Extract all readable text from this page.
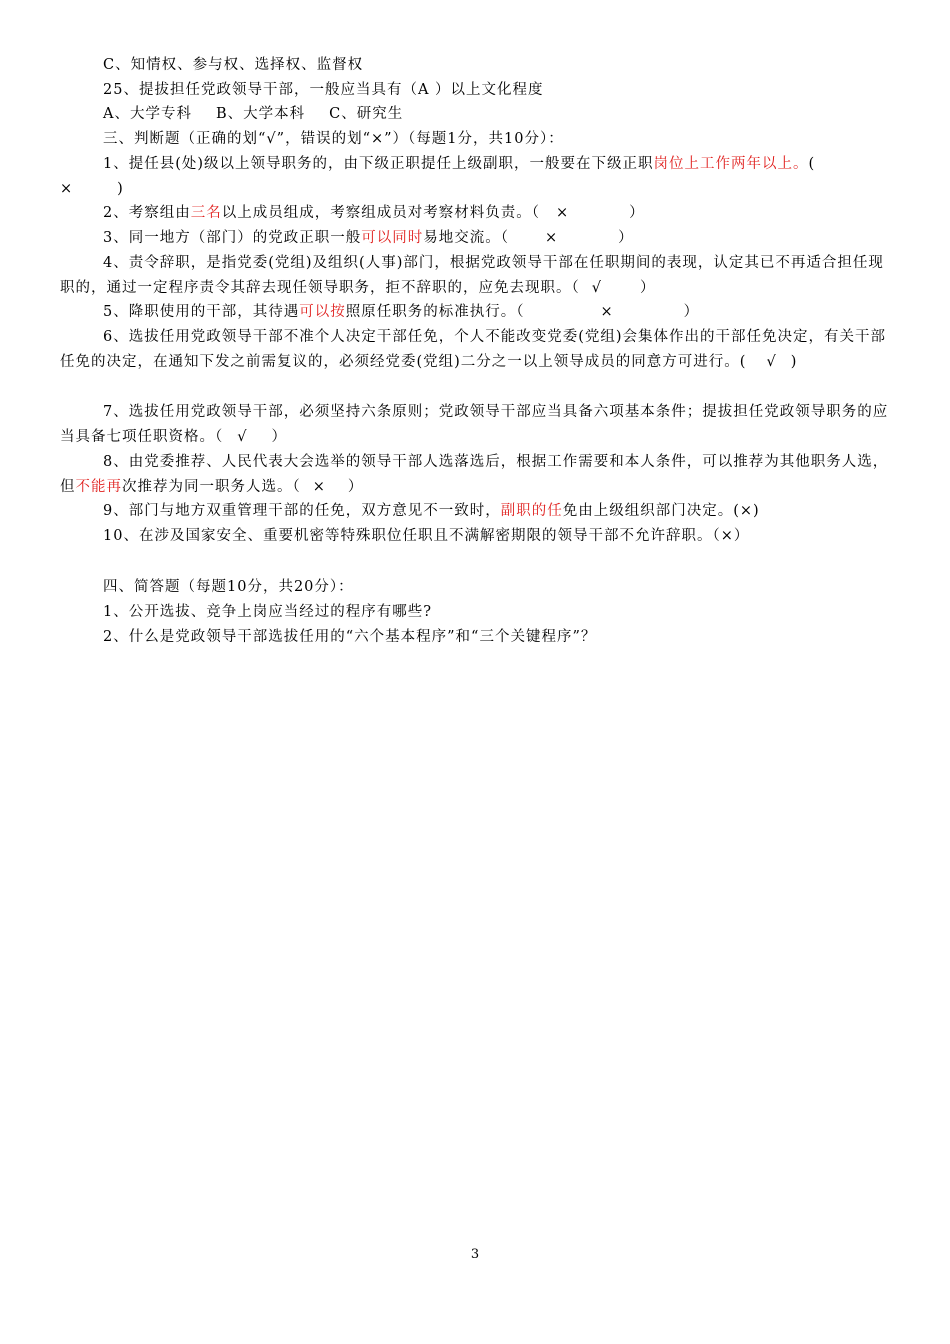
C、知情权、参与权、选择权、监督权

25、提拔担任党政领导干部，一般应当具有（A ）以上文化程度

A、大学专科 B、大学本科 C、研究生

三、判断题（正确的划“√”，错误的划“×”）（每题1分，共10分）：

1、提任县(处)级以上领导职务的，由下级正职提任上级副职，一般要在下级正职岗位上工作两年以上。(
×	)

2、考察组由三名以上成员组成，考察组成员对考察材料负责。（ ×	）

3、同一地方（部门）的党政正职一般可以同时易地交流。（ ×	）

4、责令辞职，是指党委(党组)及组织(人事)部门，根据党政领导干部在任职期间的表现，认定其已不再适合担任现职的，通过一定程序责令其辞去现任领导职务，拒不辞职的，应免去现职。（ √	）

5、降职使用的干部，其待遇可以按照原任职务的标准执行。（	×	）

6、选拔任用党政领导干部不准个人决定干部任免，个人不能改变党委(党组)会集体作出的干部任免决定，有关干部任免的决定，在通知下发之前需复议的，必须经党委(党组)二分之一以上领导成员的同意方可进行。( √ )

7、选拔任用党政领导干部，必须坚持六条原则；党政领导干部应当具备六项基本条件；提拔担任党政领导职务的应当具备七项任职资格。（ √ ）

8、由党委推荐、人民代表大会选举的领导干部人选落选后，根据工作需要和本人条件，可以推荐为其他职务人选，但不能再次推荐为同一职务人选。（ × ）

9、部门与地方双重管理干部的任免，双方意见不一致时，副职的任免由上级组织部门决定。(×)

10、在涉及国家安全、重要机密等特殊职位任职且不满解密期限的领导干部不允许辞职。（×）

四、简答题（每题10分，共20分）：

1、公开选拔、竞争上岗应当经过的程序有哪些?

2、什么是党政领导干部选拔任用的“六个基本程序”和“三个关键程序”？

3
